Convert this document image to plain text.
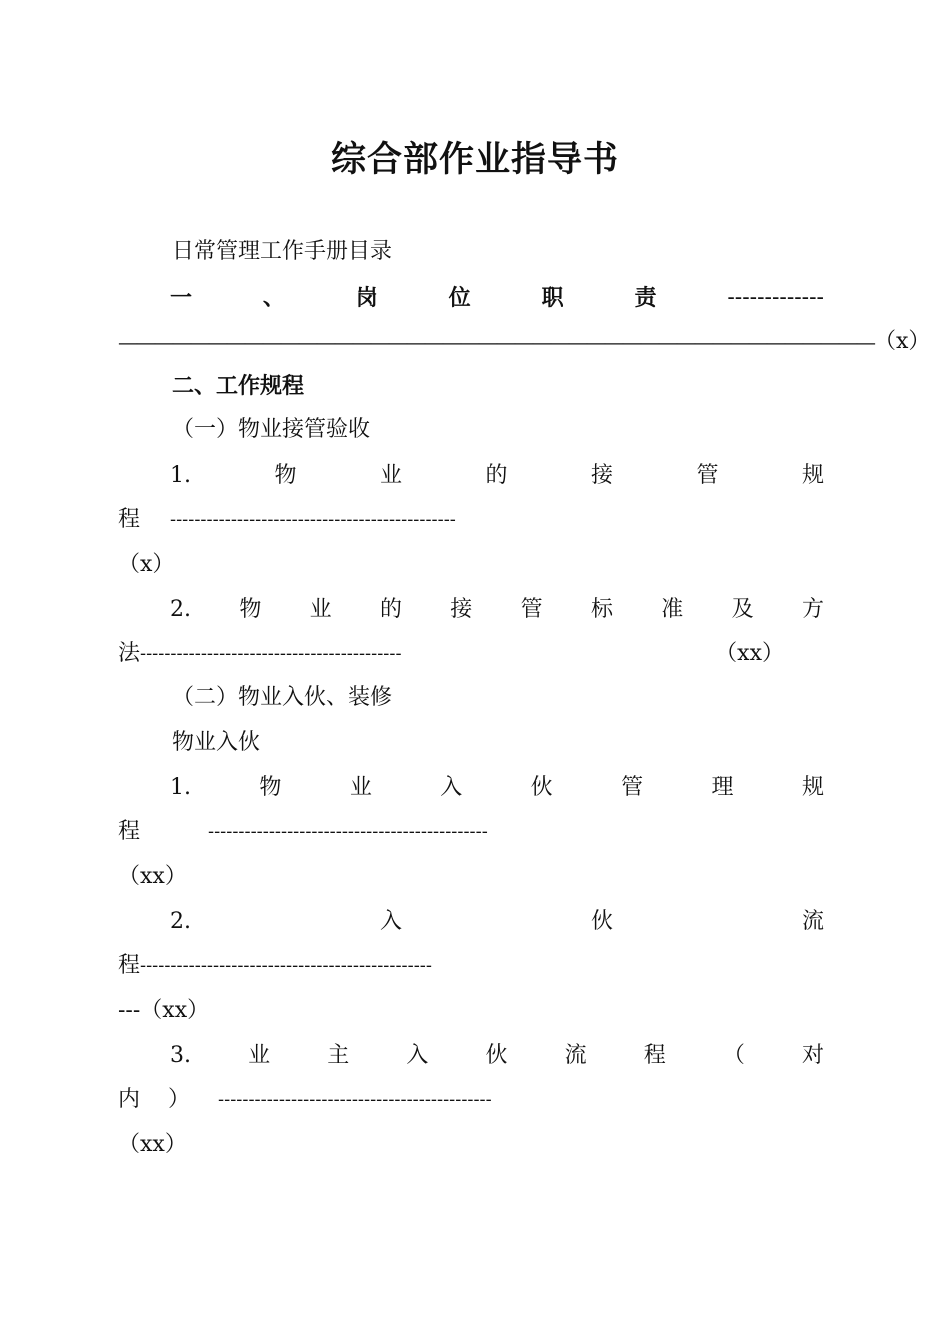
综合部作业指导书
日常管理工作手册目录
一	、	岗	位	职	责	-------------
—————————————————————————————————————————— （x）
二、工作规程
（一）物业接管验收
1.	物	业	的	接	管	规
程 -----------------------------------------------
（x）
2. 物 业 的 接 管 标 准 及 方
法 -------------------------------------------	（xx）
（二）物业入伙、装修
物业入伙
1.	物	业	入	伙	管	理	规
程	----------------------------------------------
（xx）
2.	入	伙	流
程 ------------------------------------------------
---（xx）
3.	业	主	入	伙	流	程	（	对
内 ） ---------------------------------------------
（xx）
